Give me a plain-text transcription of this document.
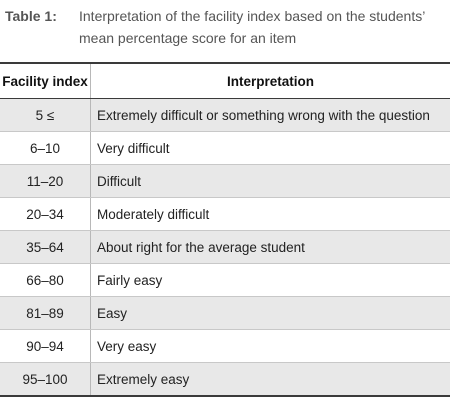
Table 1:	Interpretation of the facility index based on the students’ mean percentage score for an item
Facility index	Interpretation
5 ≤	Extremely difficult or something wrong with the question
6–10	Very difficult
11–20	Difficult
20–34	Moderately difficult
35–64	About right for the average student
66–80	Fairly easy
81–89	Easy
90–94	Very easy
95–100	Extremely easy
